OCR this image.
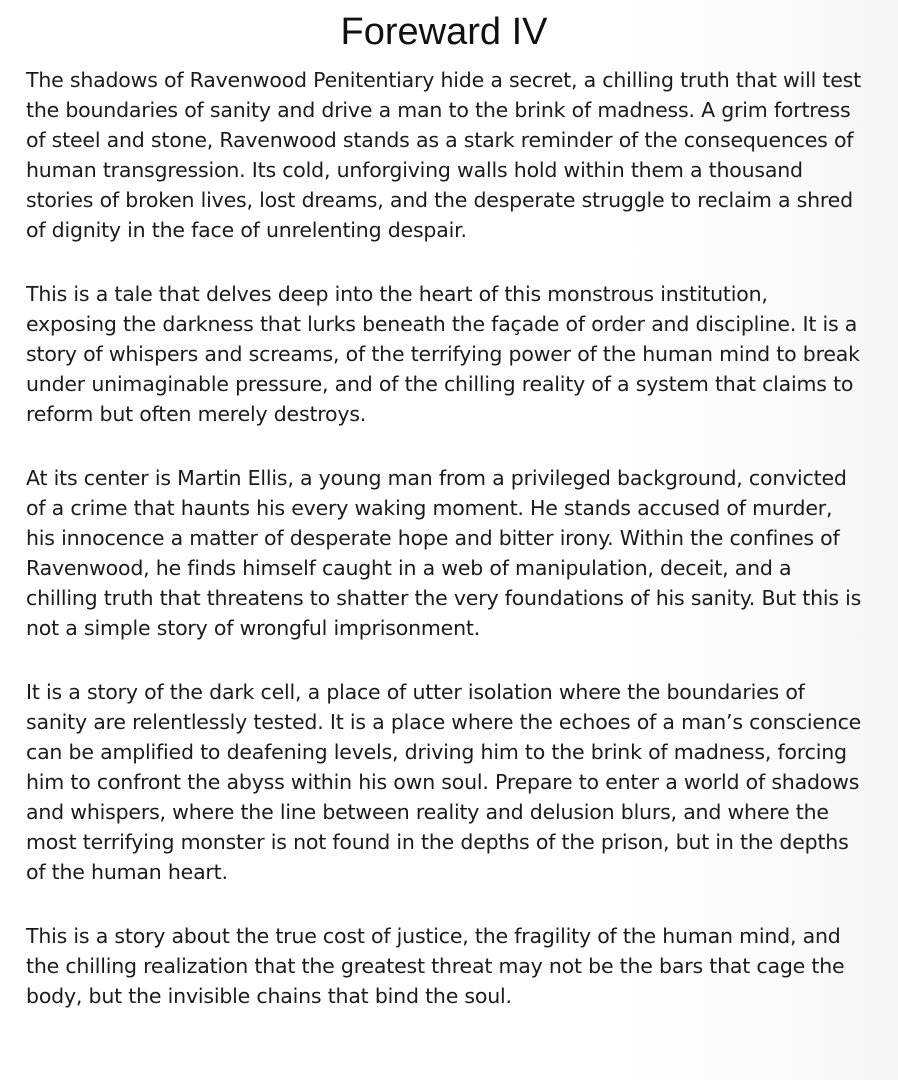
Foreward IV

The shadows of Ravenwood Penitentiary hide a secret, a chilling truth that will test the boundaries of sanity and drive a man to the brink of madness. A grim fortress of steel and stone, Ravenwood stands as a stark reminder of the consequences of human transgression. Its cold, unforgiving walls hold within them a thousand stories of broken lives, lost dreams, and the desperate struggle to reclaim a shred of dignity in the face of unrelenting despair.

This is a tale that delves deep into the heart of this monstrous institution, exposing the darkness that lurks beneath the façade of order and discipline. It is a story of whispers and screams, of the terrifying power of the human mind to break under unimaginable pressure, and of the chilling reality of a system that claims to reform but often merely destroys.

At its center is Martin Ellis, a young man from a privileged background, convicted of a crime that haunts his every waking moment. He stands accused of murder, his innocence a matter of desperate hope and bitter irony. Within the confines of Ravenwood, he finds himself caught in a web of manipulation, deceit, and a chilling truth that threatens to shatter the very foundations of his sanity. But this is not a simple story of wrongful imprisonment.

It is a story of the dark cell, a place of utter isolation where the boundaries of sanity are relentlessly tested. It is a place where the echoes of a man’s conscience can be amplified to deafening levels, driving him to the brink of madness, forcing him to confront the abyss within his own soul. Prepare to enter a world of shadows and whispers, where the line between reality and delusion blurs, and where the most terrifying monster is not found in the depths of the prison, but in the depths of the human heart.

This is a story about the true cost of justice, the fragility of the human mind, and the chilling realization that the greatest threat may not be the bars that cage the body, but the invisible chains that bind the soul.
